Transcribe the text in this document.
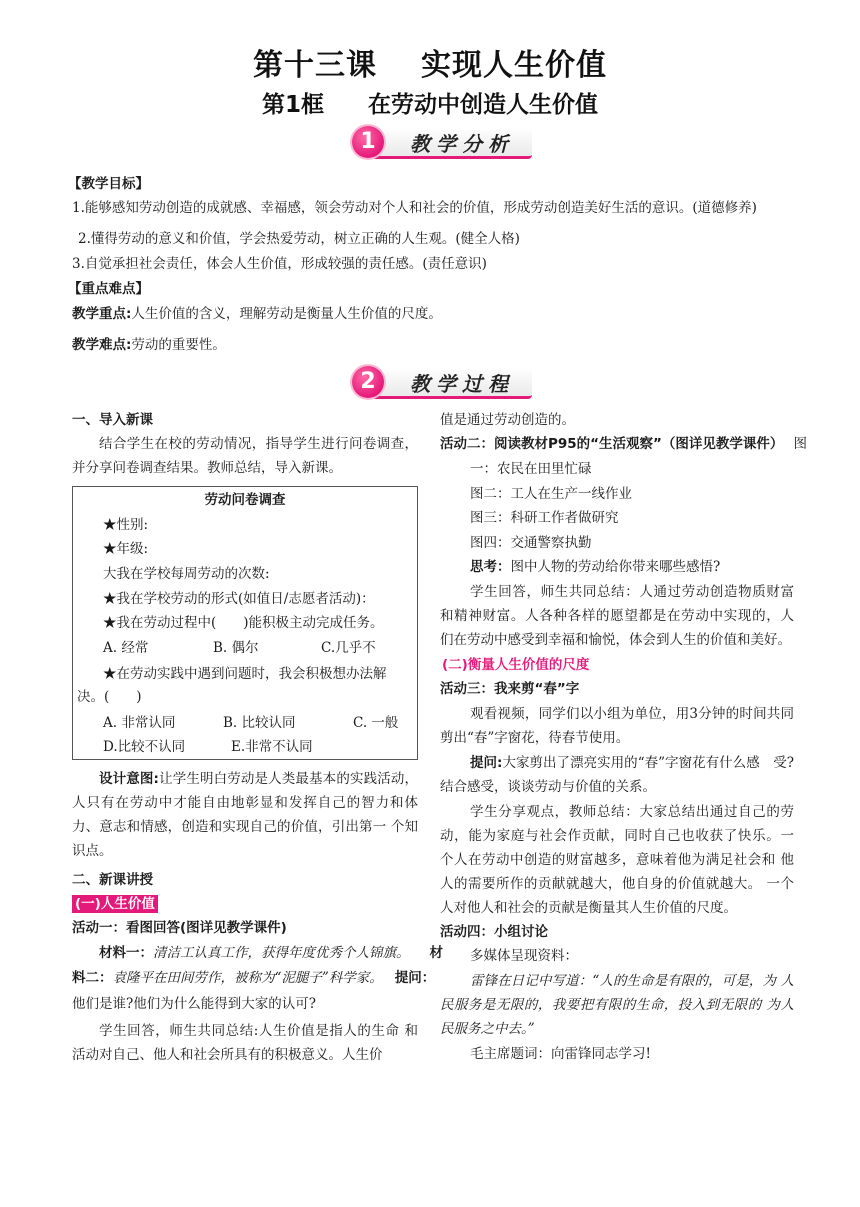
第十三课 实现人生价值
第1框 在劳动中创造人生价值
1	教学分析
【教学目标】
1.能够感知劳动创造的成就感、幸福感，领会劳动对个人和社会的价值，形成劳动创造美好生活的意识。(道德修养)
2.懂得劳动的意义和价值，学会热爱劳动，树立正确的人生观。(健全人格)
3.自觉承担社会责任，体会人生价值，形成较强的责任感。(责任意识)
【重点难点】
教学重点:人生价值的含义，理解劳动是衡量人生价值的尺度。
教学难点:劳动的重要性。
2	教学过程
一、导入新课
结合学生在校的劳动情况，指导学生进行问卷调查，并分享问卷调查结果。教师总结，导入新课。
劳动问卷调查
★性别:
★年级:
大我在学校每周劳动的次数:
★我在学校劳动的形式(如值日/志愿者活动)：
★我在劳动过程中(　　)能积极主动完成任务。
A. 经常	B. 偶尔	C.几乎不
★在劳动实践中遇到问题时，我会积极想办法解
决。(　　)
A. 非常认同	B. 比较认同	C. 一般
D.比较不认同	E.非常不认同
设计意图:让学生明白劳动是人类最基本的实践活动，人只有在劳动中才能自由地彰显和发挥自己的智力和体力、意志和情感，创造和实现自己的价值，引出第一 个知识点。
二、新课讲授
(一)人生价值
活动一：看图回答(图详见教学课件)
材料一：清洁工认真工作，获得年度优秀个人锦旗。 材
料二：袁隆平在田间劳作，被称为“泥腿子”科学家。 提问：
他们是谁?他们为什么能得到大家的认可?
学生回答，师生共同总结:人生价值是指人的生命 和活动对自己、他人和社会所具有的积极意义。人生价
值是通过劳动创造的。
活动二：阅读教材P95的“生活观察”（图详见教学课件） 图
一：农民在田里忙碌
图二：工人在生产一线作业
图三：科研工作者做研究
图四：交通警察执勤
思考：图中人物的劳动给你带来哪些感悟?
学生回答，师生共同总结：人通过劳动创造物质财富　和精神财富。人各种各样的愿望都是在劳动中实现的，人　们在劳动中感受到幸福和愉悦，体会到人生的价值和美好。
(二)衡量人生价值的尺度
活动三：我来剪“春”字
观看视频，同学们以小组为单位，用3分钟的时间共同剪出“春”字窗花，待春节使用。
提问:大家剪出了漂亮实用的“春”字窗花有什么感　受?结合感受，谈谈劳动与价值的关系。
学生分享观点，教师总结：大家总结出通过自己的劳　动，能为家庭与社会作贡献，同时自己也收获了快乐。一　个人在劳动中创造的财富越多，意味着他为满足社会和 他人的需要所作的贡献就越大，他自身的价值就越大。 一个人对他人和社会的贡献是衡量其人生价值的尺度。
活动四：小组讨论
多媒体呈现资料：
雷锋在日记中写道：“人的生命是有限的，可是，为 人民服务是无限的，我要把有限的生命，投入到无限的 为人民服务之中去。”
毛主席题词：向雷锋同志学习!
